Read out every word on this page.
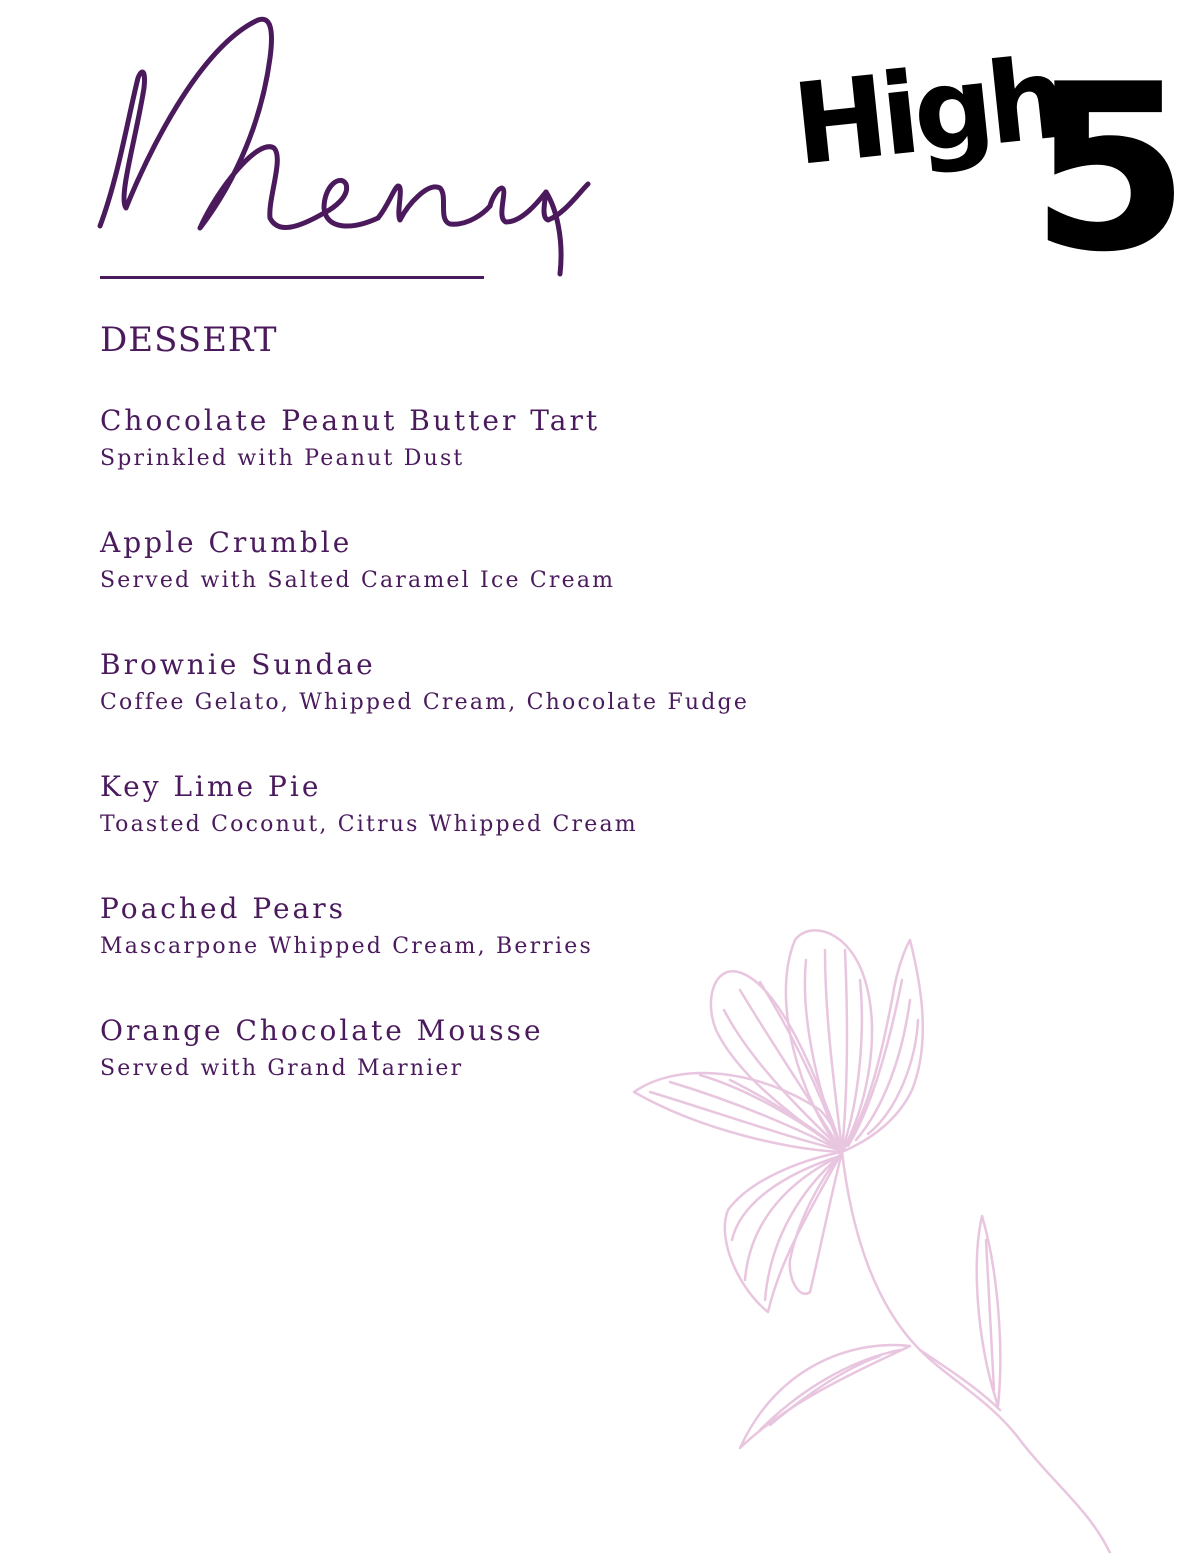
High
5
DESSERT
Chocolate Peanut Butter Tart
Sprinkled with Peanut Dust
Apple Crumble
Served with Salted Caramel Ice Cream
Brownie Sundae
Coffee Gelato, Whipped Cream, Chocolate Fudge
Key Lime Pie
Toasted Coconut, Citrus Whipped Cream
Poached Pears
Mascarpone Whipped Cream, Berries
Orange Chocolate Mousse
Served with Grand Marnier
